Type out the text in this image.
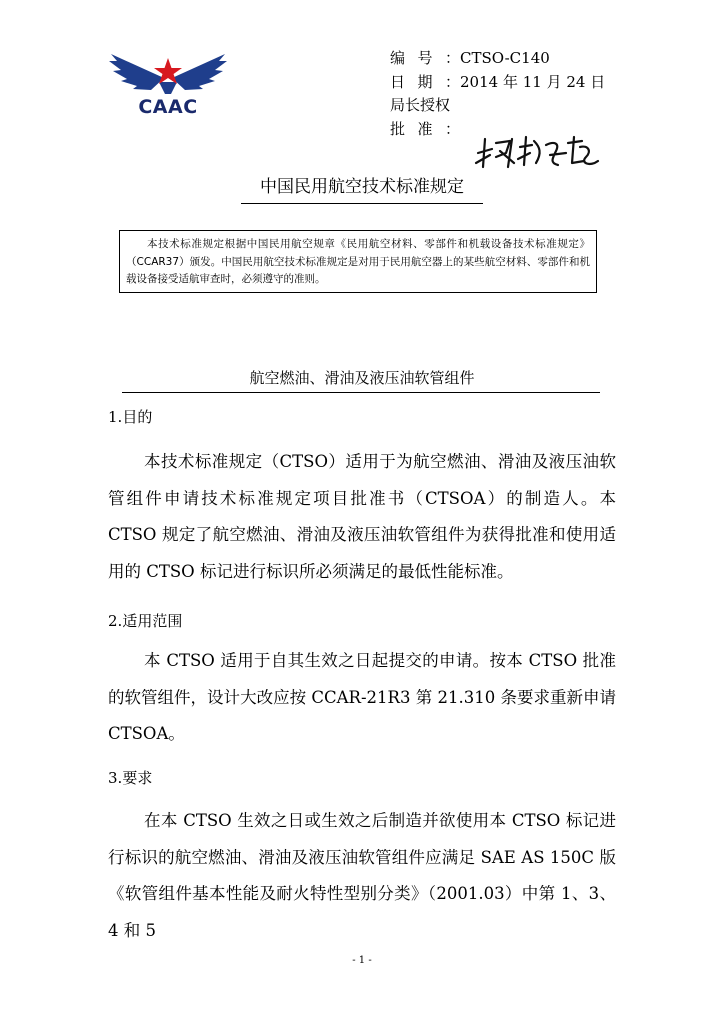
CAAC
编号：CTSO-C140
日期：2014 年 11 月 24 日
局长授权
批准：
中国民用航空技术标准规定
本技术标准规定根据中国民用航空规章《民用航空材料、零部件和机载设备技术标准规定》（CCAR37）颁发。中国民用航空技术标准规定是对用于民用航空器上的某些航空材料、零部件和机载设备接受适航审查时，必须遵守的准则。
航空燃油、滑油及液压油软管组件
1.目的
本技术标准规定（CTSO）适用于为航空燃油、滑油及液压油软管组件申请技术标准规定项目批准书（CTSOA）的制造人。本 CTSO 规定了航空燃油、滑油及液压油软管组件为获得批准和使用适用的 CTSO 标记进行标识所必须满足的最低性能标准。
2.适用范围
本 CTSO 适用于自其生效之日起提交的申请。按本 CTSO 批准的软管组件，设计大改应按 CCAR-21R3 第 21.310 条要求重新申请 CTSOA。
3.要求
在本 CTSO 生效之日或生效之后制造并欲使用本 CTSO 标记进行标识的航空燃油、滑油及液压油软管组件应满足 SAE AS 150C 版《软管组件基本性能及耐火特性型别分类》（2001.03）中第 1、3、4 和 5
- 1 -
